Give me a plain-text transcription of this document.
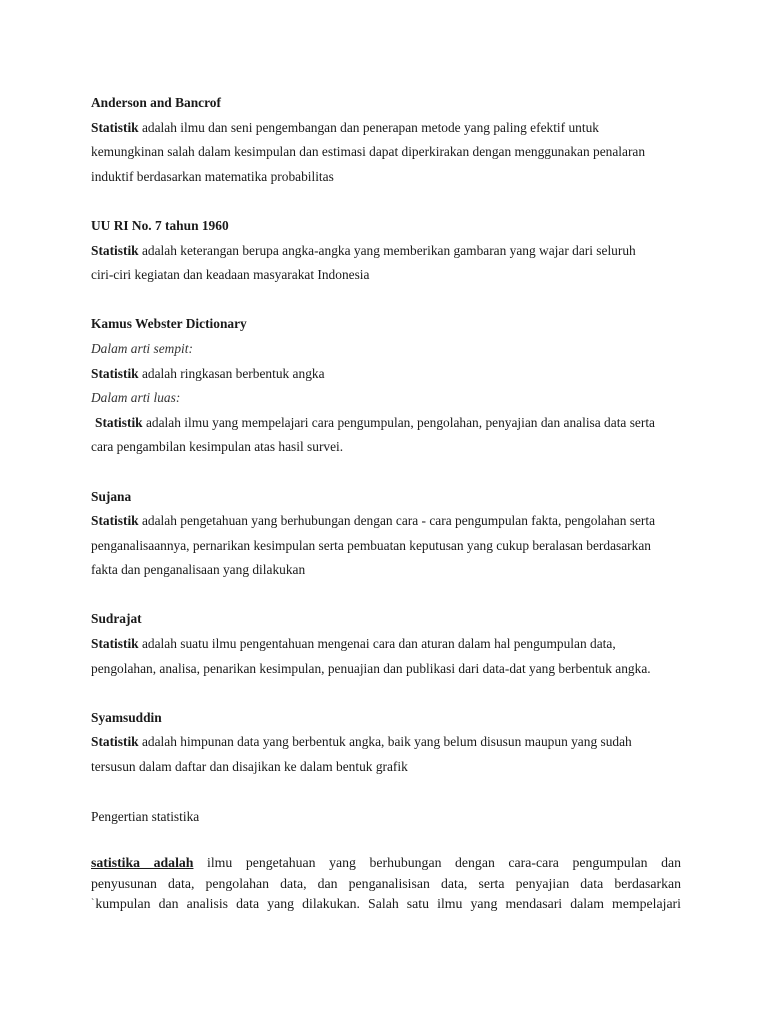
Anderson and Bancrof
Statistik adalah ilmu dan seni pengembangan dan penerapan metode yang paling efektif untuk
kemungkinan salah dalam kesimpulan dan estimasi dapat diperkirakan dengan menggunakan penalaran
induktif berdasarkan matematika probabilitas
UU RI No. 7 tahun 1960
Statistik adalah keterangan berupa angka-angka yang memberikan gambaran yang wajar dari seluruh
ciri-ciri kegiatan dan keadaan masyarakat Indonesia
Kamus Webster Dictionary
Dalam arti sempit:
Statistik adalah ringkasan berbentuk angka
Dalam arti luas:
Statistik adalah ilmu yang mempelajari cara pengumpulan, pengolahan, penyajian dan analisa data serta
cara pengambilan kesimpulan atas hasil survei.
Sujana
Statistik adalah pengetahuan yang berhubungan dengan cara - cara pengumpulan fakta, pengolahan serta
penganalisaannya, pernarikan kesimpulan serta pembuatan keputusan yang cukup beralasan berdasarkan
fakta dan penganalisaan yang dilakukan
Sudrajat
Statistik adalah suatu ilmu pengentahuan mengenai cara dan aturan dalam hal pengumpulan data,
pengolahan, analisa, penarikan kesimpulan, penuajian dan publikasi dari data-dat yang berbentuk angka.
Syamsuddin
Statistik adalah himpunan data yang berbentuk angka, baik yang belum disusun maupun yang sudah
tersusun dalam daftar dan disajikan ke dalam bentuk grafik
Pengertian statistika
satistika adalah ilmu pengetahuan yang berhubungan dengan cara-cara pengumpulan dan
penyusunan data, pengolahan data, dan penganalisisan data, serta penyajian data berdasarkan
`kumpulan dan analisis data yang dilakukan. Salah satu ilmu yang mendasari dalam mempelajari
